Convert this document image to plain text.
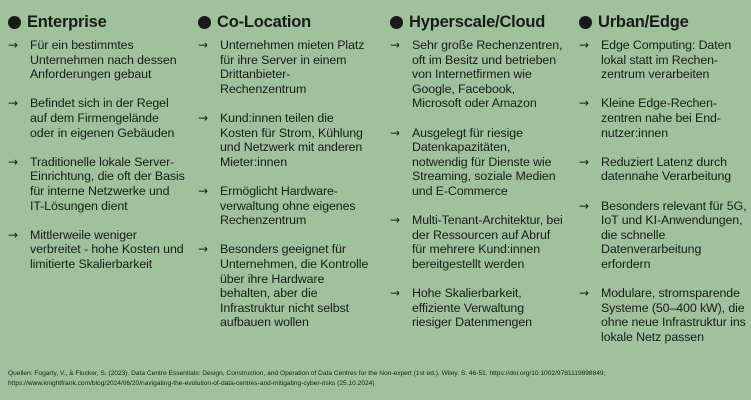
Enterprise
→ Für ein bestimmtes Unternehmen nach dessen Anforderungen gebaut
→ Befindet sich in der Regel auf dem Firmengelände oder in eigenen Gebäuden
→ Traditionelle lokale Server-Einrichtung, die oft der Basis für interne Netzwerke und IT-Lösungen dient
→ Mittlerweile weniger verbreitet - hohe Kosten und limitierte Skalierbarkeit
Co-Location
→ Unternehmen mieten Platz für ihre Server in einem Drittanbieter-Rechenzentrum
→ Kund:innen teilen die Kosten für Strom, Kühlung und Netzwerk mit anderen Mieter:innen
→ Ermöglicht Hardwareverwaltung ohne eigenes Rechenzentrum
→ Besonders geeignet für Unternehmen, die Kontrolle über ihre Hardware behalten, aber die Infrastruktur nicht selbst aufbauen wollen
Hyperscale/Cloud
→ Sehr große Rechenzentren, oft im Besitz und betrieben von Internetfirmen wie Google, Facebook, Microsoft oder Amazon
→ Ausgelegt für riesige Datenkapazitäten, notwendig für Dienste wie Streaming, soziale Medien und E-Commerce
→ Multi-Tenant-Architektur, bei der Ressourcen auf Abruf für mehrere Kund:innen bereitgestellt werden
→ Hohe Skalierbarkeit, effiziente Verwaltung riesiger Datenmengen
Urban/Edge
→ Edge Computing: Daten lokal statt im Rechenzentrum verarbeiten
→ Kleine Edge-Rechenzentren nahe bei Endnutzer:innen
→ Reduziert Latenz durch datennahe Verarbeitung
→ Besonders relevant für 5G, IoT und KI-Anwendungen, die schnelle Datenverarbeitung erfordern
→ Modulare, stromsparende Systeme (50–400 kW), die ohne neue Infrastruktur ins lokale Netz passen
Quellen: Fogarty, V., & Flucker, S. (2023). Data Centre Essentials: Design, Construction, and Operation of Data Centres for the Non-expert (1st ed.). Wiley. S. 46-51. https://doi.org/10.1002/9781119898849;
https://www.knightfrank.com/blog/2024/06/20/navigating-the-evolution-of-data-centres-and-mitigating-cyber-risks (25.10.2024)
